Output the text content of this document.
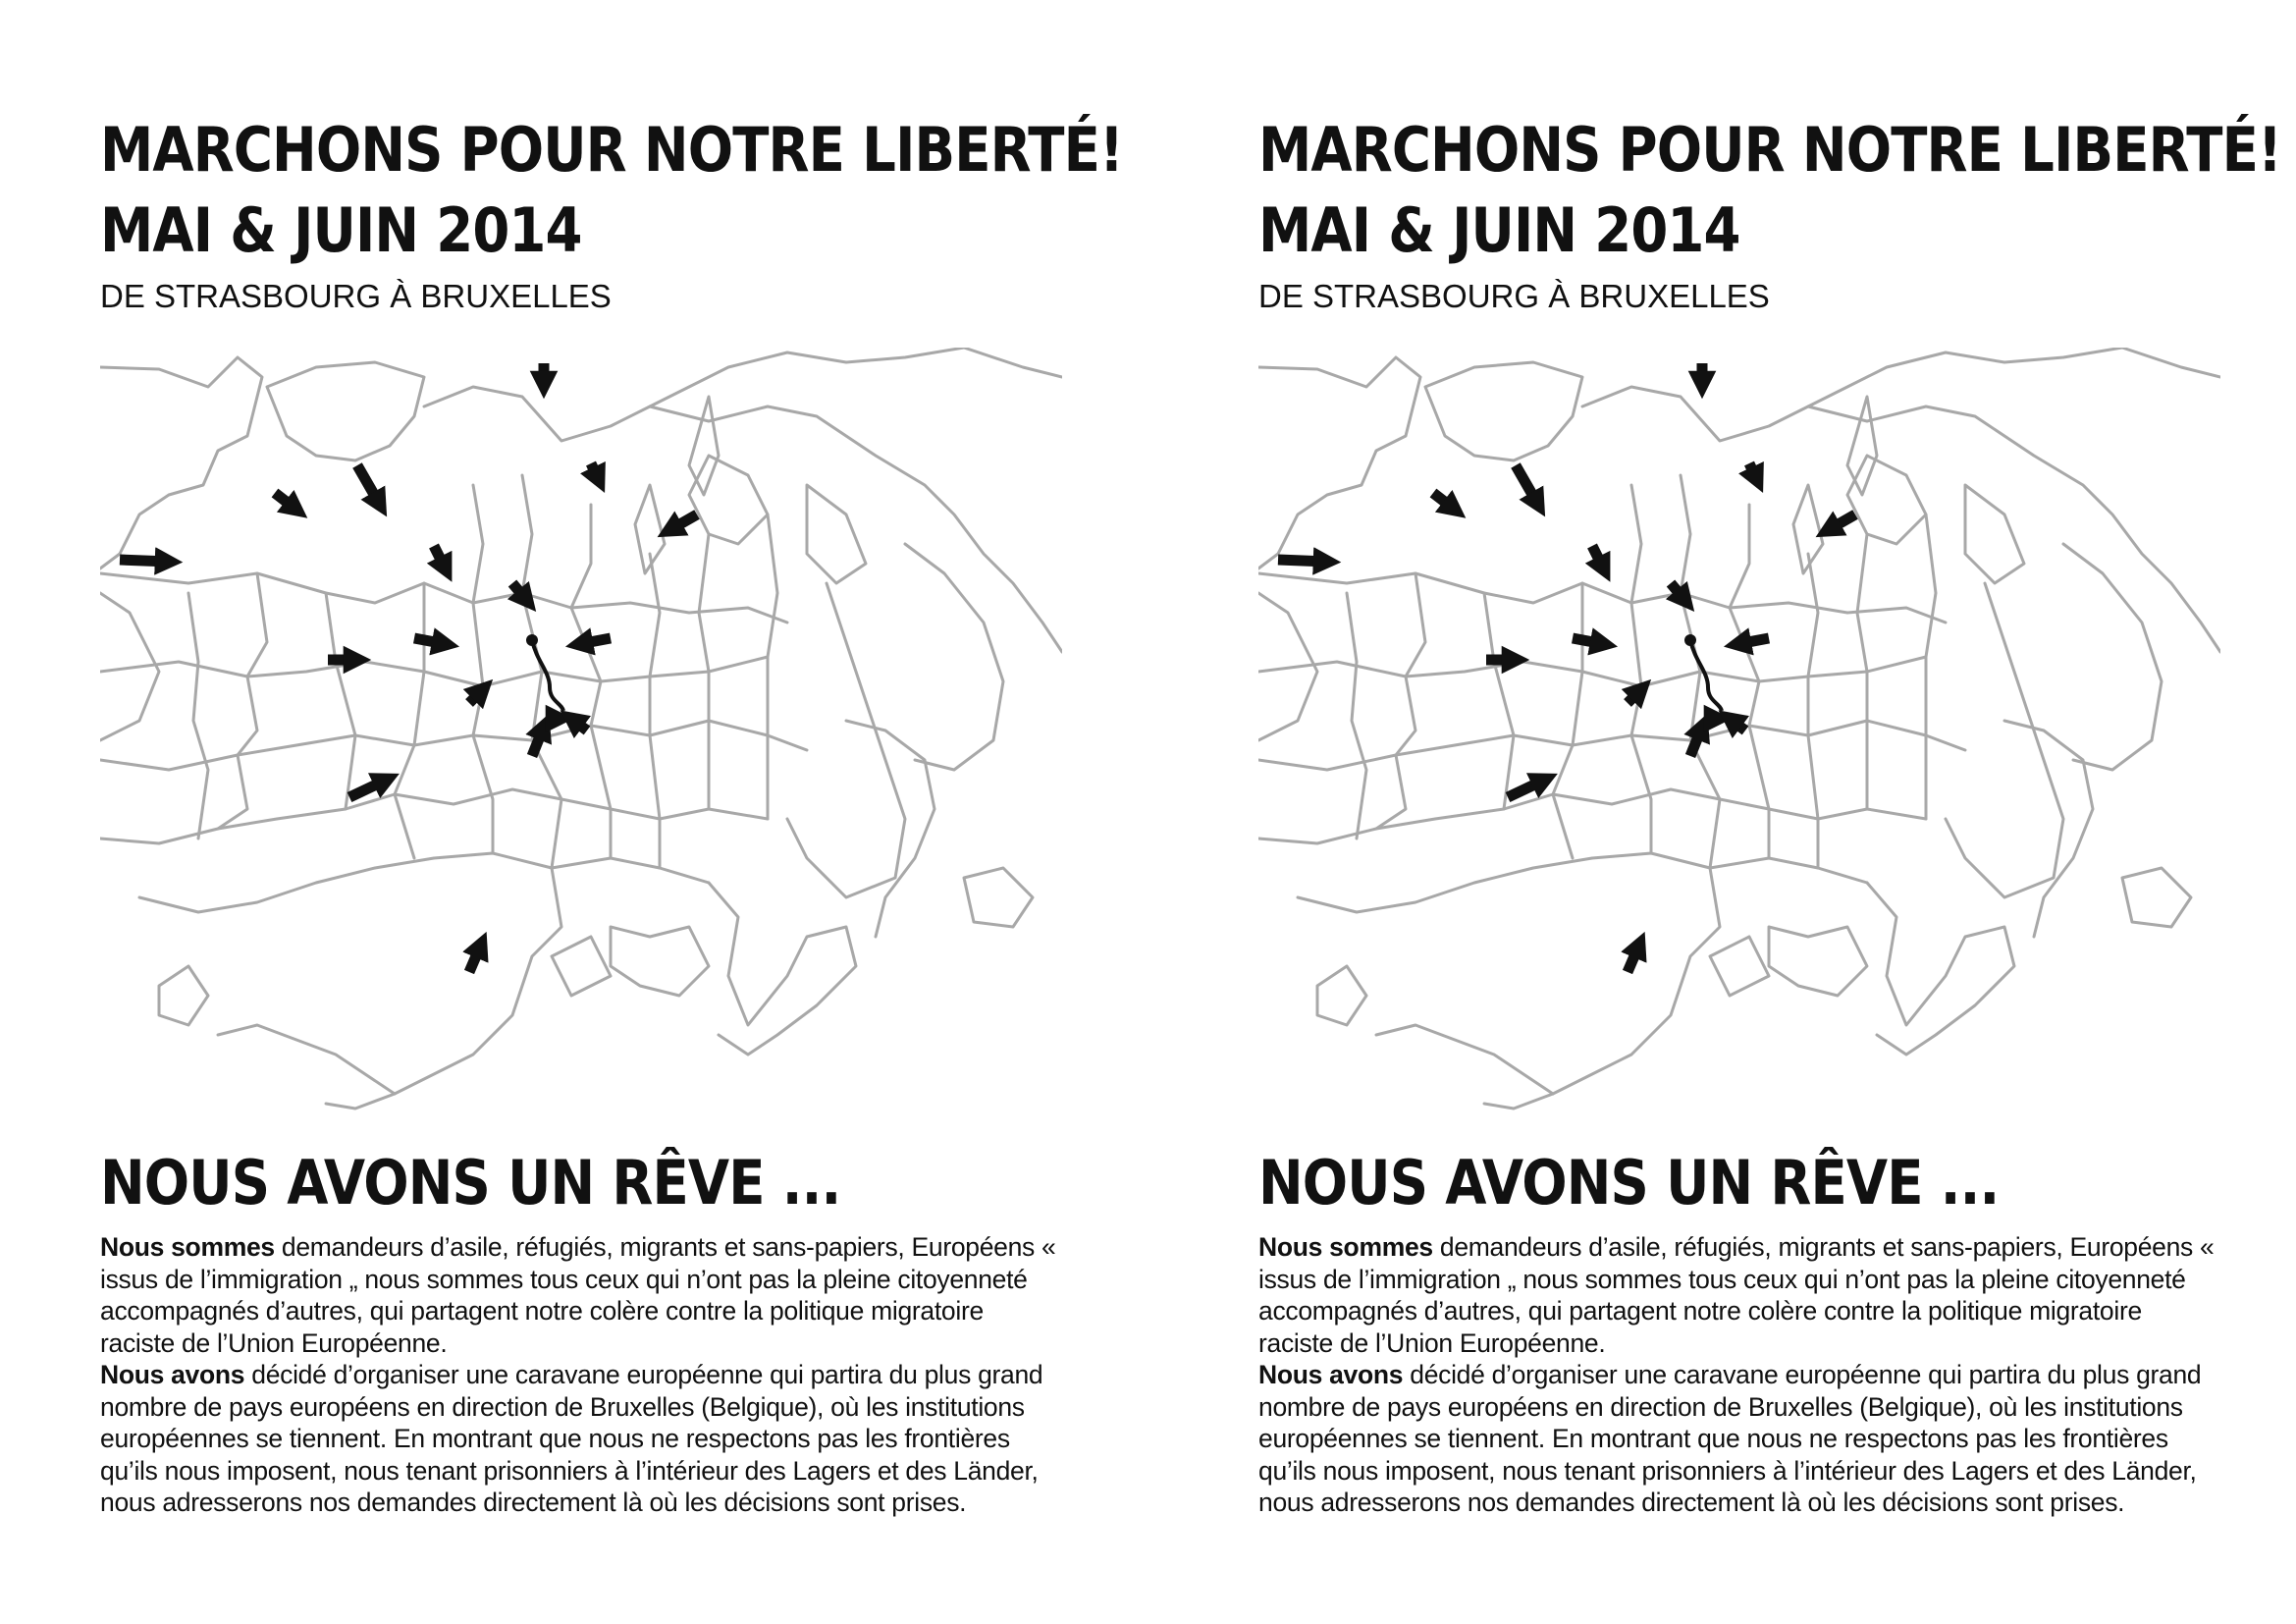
MARCHONS POUR NOTRE LIBERTÉ!
MAI & JUIN 2014
DE STRASBOURG À BRUXELLES
NOUS AVONS UN RÊVE ...

Nous sommes demandeurs d’asile, réfugiés, migrants et sans-papiers, Européens « issus de l’immigration „ nous sommes tous ceux qui n’ont pas la pleine citoyenneté accompagnés d’autres, qui partagent notre colère contre la politique migratoire raciste de l’Union Européenne.

Nous avons décidé d’organiser une caravane européenne qui partira du plus grand nombre de pays européens en direction de Bruxelles (Belgique), où les institutions européennes se tiennent. En montrant que nous ne respectons pas les frontières qu’ils nous imposent, nous tenant prisonniers à l’intérieur des Lagers et des Länder, nous adresserons nos demandes directement là où les décisions sont prises.

MARCHONS POUR NOTRE LIBERTÉ!
MAI & JUIN 2014
DE STRASBOURG À BRUXELLES
NOUS AVONS UN RÊVE ...

Nous sommes demandeurs d’asile, réfugiés, migrants et sans-papiers, Européens « issus de l’immigration „ nous sommes tous ceux qui n’ont pas la pleine citoyenneté accompagnés d’autres, qui partagent notre colère contre la politique migratoire raciste de l’Union Européenne.

Nous avons décidé d’organiser une caravane européenne qui partira du plus grand nombre de pays européens en direction de Bruxelles (Belgique), où les institutions européennes se tiennent. En montrant que nous ne respectons pas les frontières qu’ils nous imposent, nous tenant prisonniers à l’intérieur des Lagers et des Länder, nous adresserons nos demandes directement là où les décisions sont prises.
